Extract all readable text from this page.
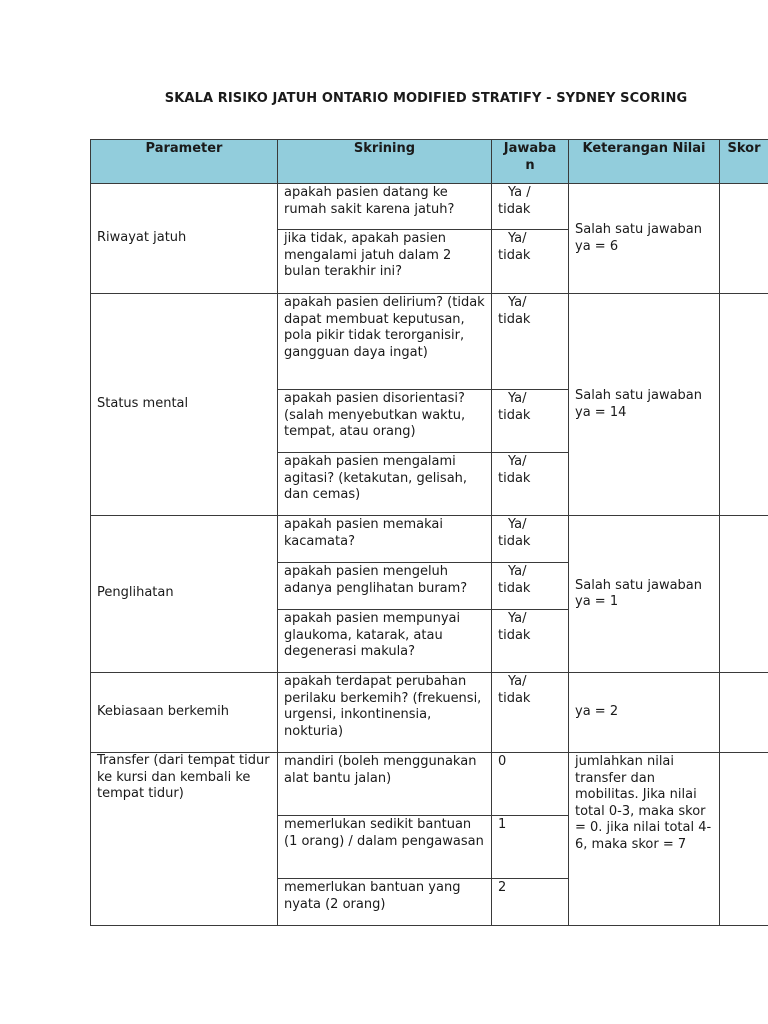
SKALA RISIKO JATUH ONTARIO MODIFIED STRATIFY - SYDNEY SCORING
Parameter	Skrining	Jawaban	Keterangan Nilai	Skor
Riwayat jatuh	apakah pasien datang ke rumah sakit karena jatuh?	Ya / tidak	Salah satu jawaban ya = 6	
	jika tidak, apakah pasien mengalami jatuh dalam 2 bulan terakhir ini?	Ya/ tidak		
Status mental	apakah pasien delirium? (tidak dapat membuat keputusan, pola pikir tidak terorganisir, gangguan daya ingat)	Ya/ tidak	Salah satu jawaban ya = 14	
	apakah pasien disorientasi? (salah menyebutkan waktu, tempat, atau orang)	Ya/ tidak		
	apakah pasien mengalami agitasi? (ketakutan, gelisah, dan cemas)	Ya/ tidak		
Penglihatan	apakah pasien memakai kacamata?	Ya/ tidak	Salah satu jawaban ya = 1	
	apakah pasien mengeluh adanya penglihatan buram?	Ya/ tidak		
	apakah pasien mempunyai glaukoma, katarak, atau degenerasi makula?	Ya/ tidak		
Kebiasaan berkemih	apakah terdapat perubahan perilaku berkemih? (frekuensi, urgensi, inkontinensia, nokturia)	Ya/ tidak	ya = 2	
Transfer (dari tempat tidur ke kursi dan kembali ke tempat tidur)	mandiri (boleh menggunakan alat bantu jalan)	0	jumlahkan nilai transfer dan mobilitas. Jika nilai total 0-3, maka skor = 0. jika nilai total 4-6, maka skor = 7	
	memerlukan sedikit bantuan (1 orang) / dalam pengawasan	1		
	memerlukan bantuan yang nyata (2 orang)	2		
